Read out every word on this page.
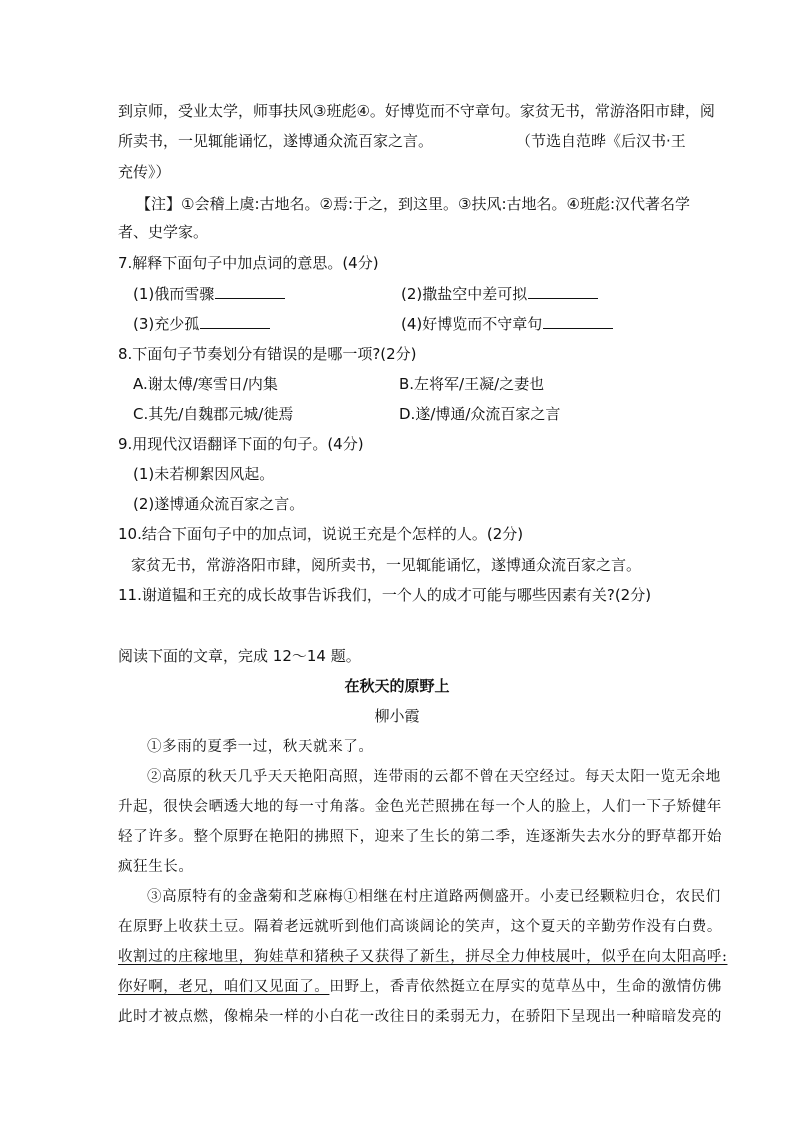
到京师，受业太学，师事扶风③班彪④。好博览而不守章句。家贫无书，常游洛阳市肆，阅
所卖书，一见辄能诵忆，遂博通众流百家之言。	（节选自范晔《后汉书·王
充传》）
【注】①会稽上虞:古地名。②焉:于之，到这里。③扶风:古地名。④班彪:汉代著名学
者、史学家。
7.解释下面句子中加点词的意思。(4分)
(1)俄而雪骤	(2)撒盐空中差可拟
(3)充少孤	(4)好博览而不守章句
8.下面句子节奏划分有错误的是哪一项?(2分)
A.谢太傅/寒雪日/内集	B.左将军/王凝/之妻也
C.其先/自魏郡元城/徙焉	D.遂/博通/众流百家之言
9.用现代汉语翻译下面的句子。(4分)
(1)未若柳絮因风起。
(2)遂博通众流百家之言。
10.结合下面句子中的加点词，说说王充是个怎样的人。(2分)
家贫无书，常游洛阳市肆，阅所卖书，一见辄能诵忆，遂博通众流百家之言。
11.谢道韫和王充的成长故事告诉我们，一个人的成才可能与哪些因素有关?(2分)
阅读下面的文章，完成 12～14 题。
在秋天的原野上
柳小霞
①多雨的夏季一过，秋天就来了。
②高原的秋天几乎天天艳阳高照，连带雨的云都不曾在天空经过。每天太阳一览无余地
升起，很快会晒透大地的每一寸角落。金色光芒照拂在每一个人的脸上，人们一下子矫健年
轻了许多。整个原野在艳阳的拂照下，迎来了生长的第二季，连逐渐失去水分的野草都开始
疯狂生长。
③高原特有的金盏菊和芝麻梅①相继在村庄道路两侧盛开。小麦已经颗粒归仓，农民们
在原野上收获土豆。隔着老远就听到他们高谈阔论的笑声，这个夏天的辛勤劳作没有白费。
收割过的庄稼地里，狗娃草和猪秧子又获得了新生，拼尽全力伸枝展叶，似乎在向太阳高呼:
你好啊，老兄，咱们又见面了。田野上，香青依然挺立在厚实的苋草丛中，生命的激情仿佛
此时才被点燃，像棉朵一样的小白花一改往日的柔弱无力，在骄阳下呈现出一种暗暗发亮的
